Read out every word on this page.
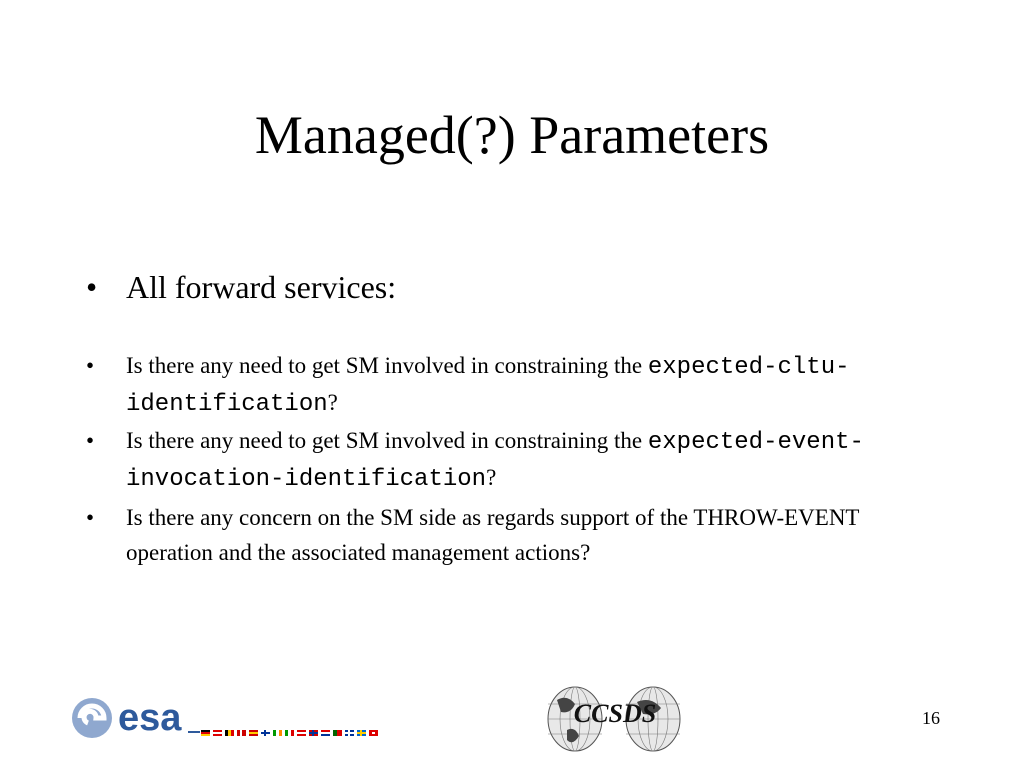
Managed(?) Parameters
• All forward services:
•	Is there any need to get SM involved in constraining the expected-cltu-identification?
•	Is there any need to get SM involved in constraining the expected-event-invocation-identification?
•	Is there any concern on the SM side as regards support of the THROW-EVENT operation and the associated management actions?
esa	CCSDS	16
